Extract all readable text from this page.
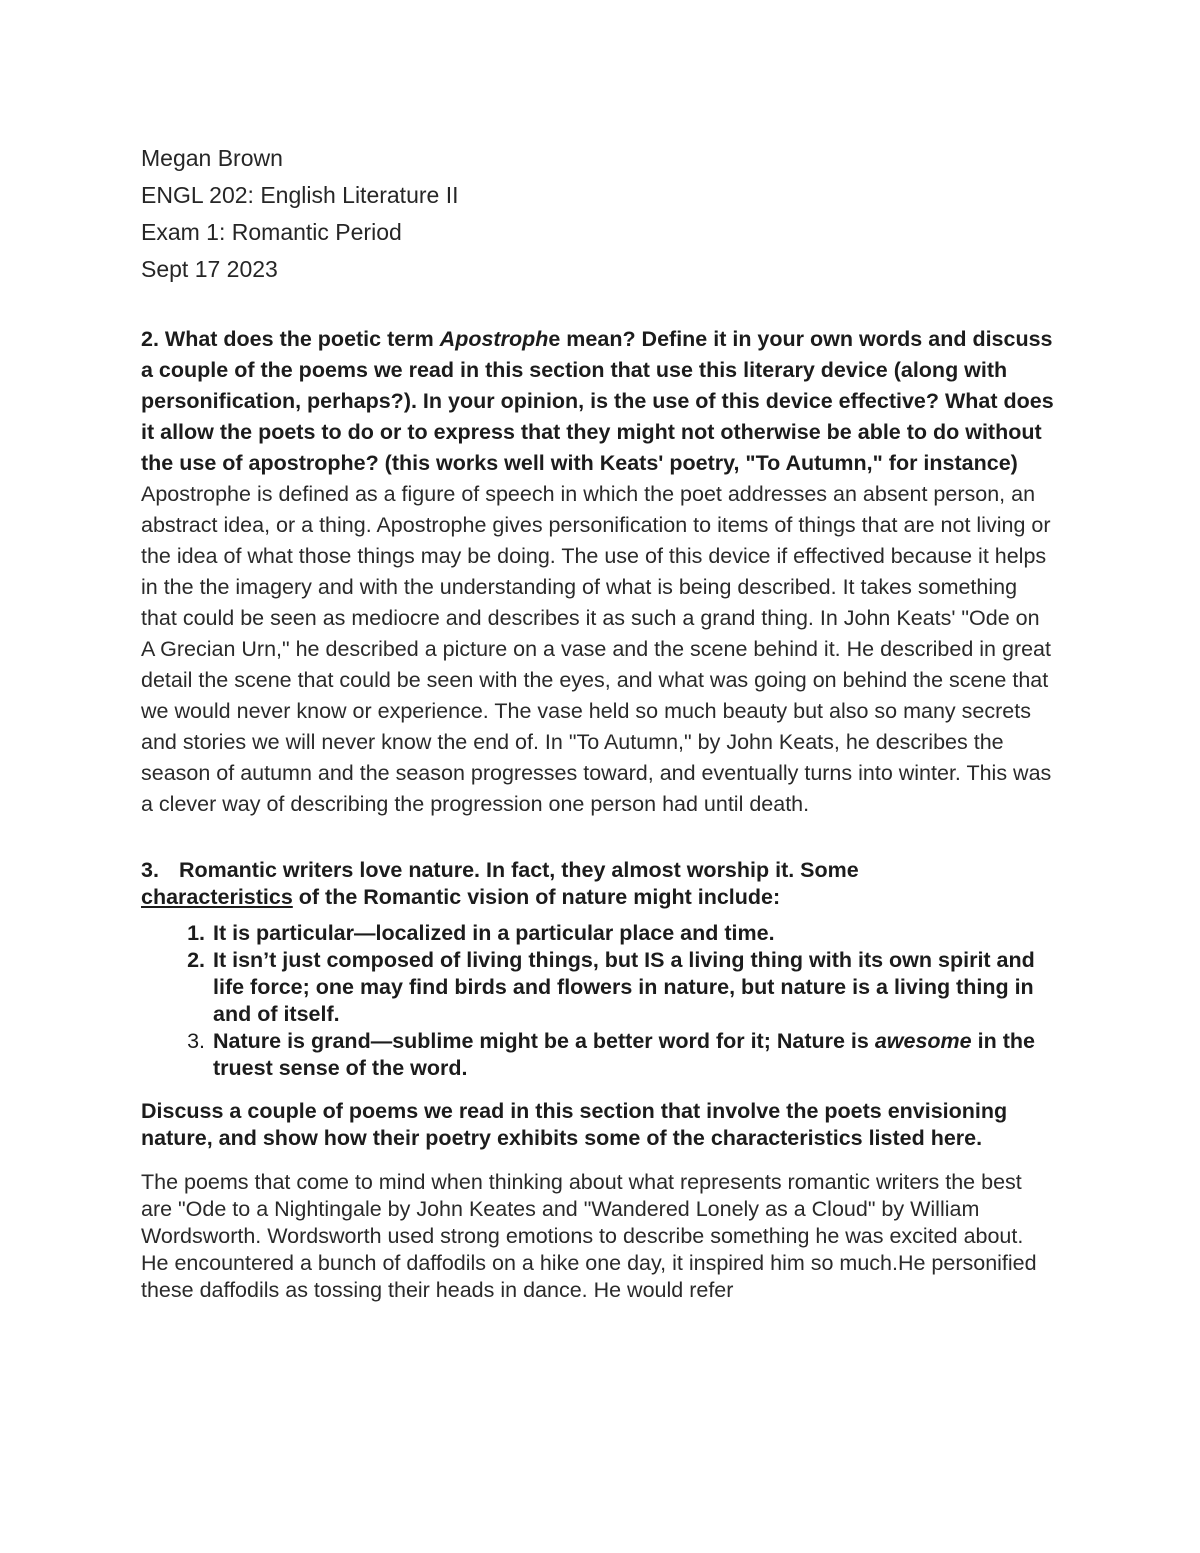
Megan Brown

ENGL 202: English Literature II

Exam 1: Romantic Period

Sept 17 2023

2. What does the poetic term Apostrophe mean? Define it in your own words and discuss a couple of the poems we read in this section that use this literary device (along with personification, perhaps?). In your opinion, is the use of this device effective? What does it allow the poets to do or to express that they might not otherwise be able to do without the use of apostrophe? (this works well with Keats' poetry, "To Autumn," for instance)

Apostrophe is defined as a figure of speech in which the poet addresses an absent person, an abstract idea, or a thing. Apostrophe gives personification to items of things that are not living or the idea of what those things may be doing. The use of this device if effectived because it helps in the the imagery and with the understanding of what is being described. It takes something that could be seen as mediocre and describes it as such a grand thing. In John Keats' "Ode on A Grecian Urn," he described a picture on a vase and the scene behind it. He described in great detail the scene that could be seen with the eyes, and what was going on behind the scene that we would never know or experience. The vase held so much beauty but also so many secrets and stories we will never know the end of. In "To Autumn," by John Keats, he describes the season of autumn and the season progresses toward, and eventually turns into winter. This was a clever way of describing the progression one person had until death.

3. Romantic writers love nature. In fact, they almost worship it. Some
characteristics of the Romantic vision of nature might include:

1. It is particular—localized in a particular place and time.
2. It isn’t just composed of living things, but IS a living thing with its own spirit and life force; one may find birds and flowers in nature, but nature is a living thing in and of itself.
3. Nature is grand—sublime might be a better word for it; Nature is awesome in the truest sense of the word.

Discuss a couple of poems we read in this section that involve the poets envisioning nature, and show how their poetry exhibits some of the characteristics listed here.

The poems that come to mind when thinking about what represents romantic writers the best are "Ode to a Nightingale by John Keates and "Wandered Lonely as a Cloud" by William Wordsworth. Wordsworth used strong emotions to describe something he was excited about. He encountered a bunch of daffodils on a hike one day, it inspired him so much.He personified these daffodils as tossing their heads in dance. He would refer
